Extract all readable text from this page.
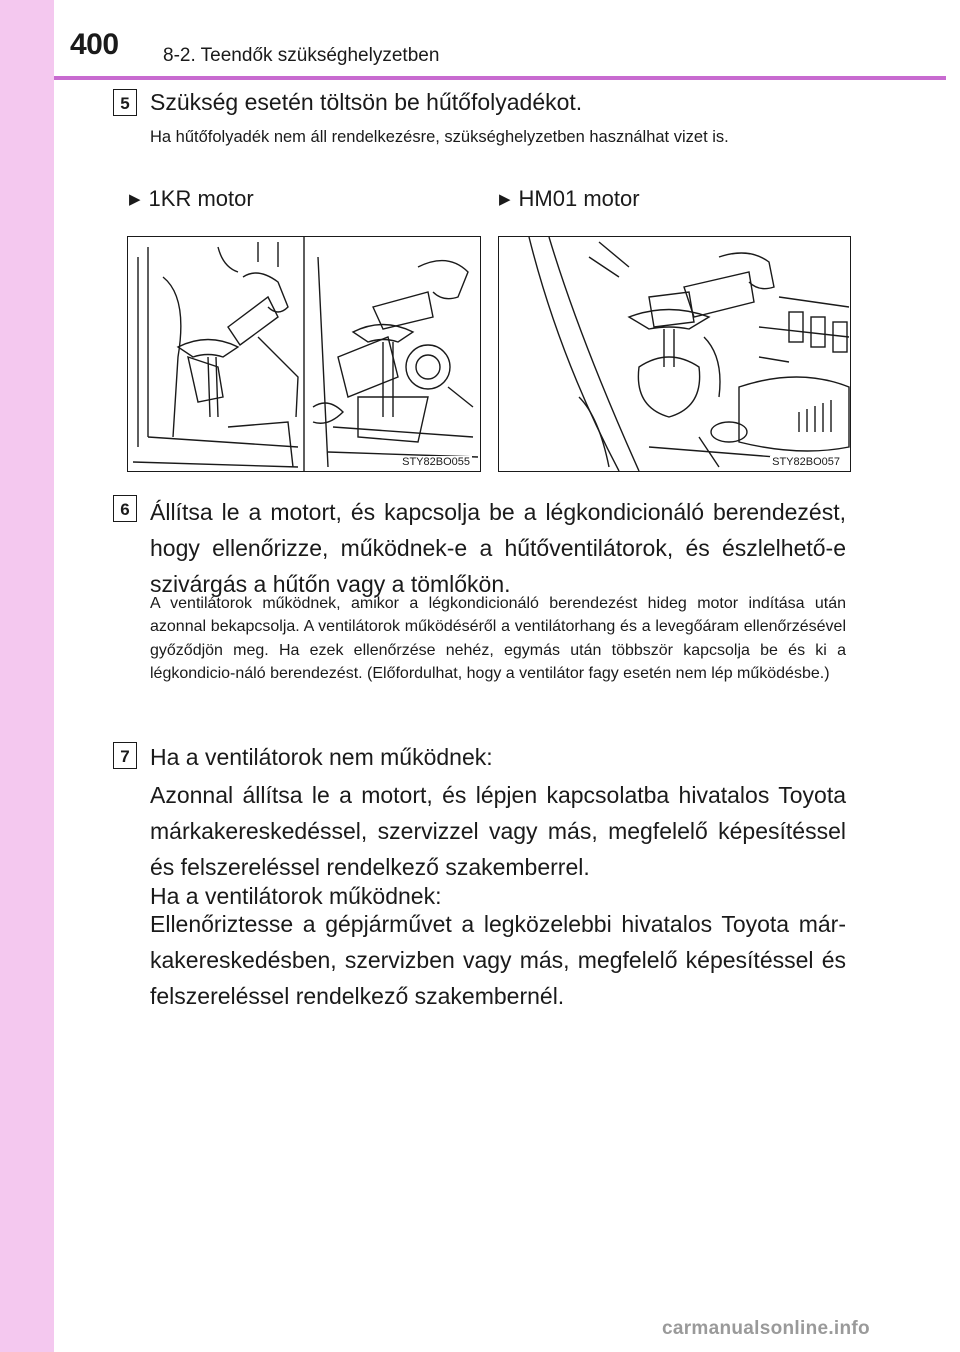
400 8-2. Teendők szükséghelyzetben
5 Szükség esetén töltsön be hűtőfolyadékot.
Ha hűtőfolyadék nem áll rendelkezésre, szükséghelyzetben használhat vizet is.
▶ 1KR motor	▶ HM01 motor
STY82BO055	STY82BO057
6 Állítsa le a motort, és kapcsolja be a légkondicionáló berendezést, hogy ellenőrizze, működnek-e a hűtőventilátorok, és észlelhető-e szivárgás a hűtőn vagy a tömlőkön.
A ventilátorok működnek, amikor a légkondicionáló berendezést hideg motor indítása után azonnal bekapcsolja. A ventilátorok működéséről a ventilátorhang és a levegőáram ellenőrzésével győződjön meg. Ha ezek ellenőrzése nehéz, egymás után többször kapcsolja be és ki a légkondicio-náló berendezést. (Előfordulhat, hogy a ventilátor fagy esetén nem lép működésbe.)
7 Ha a ventilátorok nem működnek:
Azonnal állítsa le a motort, és lépjen kapcsolatba hivatalos Toyota márkakereskedéssel, szervizzel vagy más, megfelelő képesítéssel és felszereléssel rendelkező szakemberrel.
Ha a ventilátorok működnek:
Ellenőriztesse a gépjárművet a legközelebbi hivatalos Toyota már-kakereskedésben, szervizben vagy más, megfelelő képesítéssel és felszereléssel rendelkező szakembernél.
carmanualsonline.info
